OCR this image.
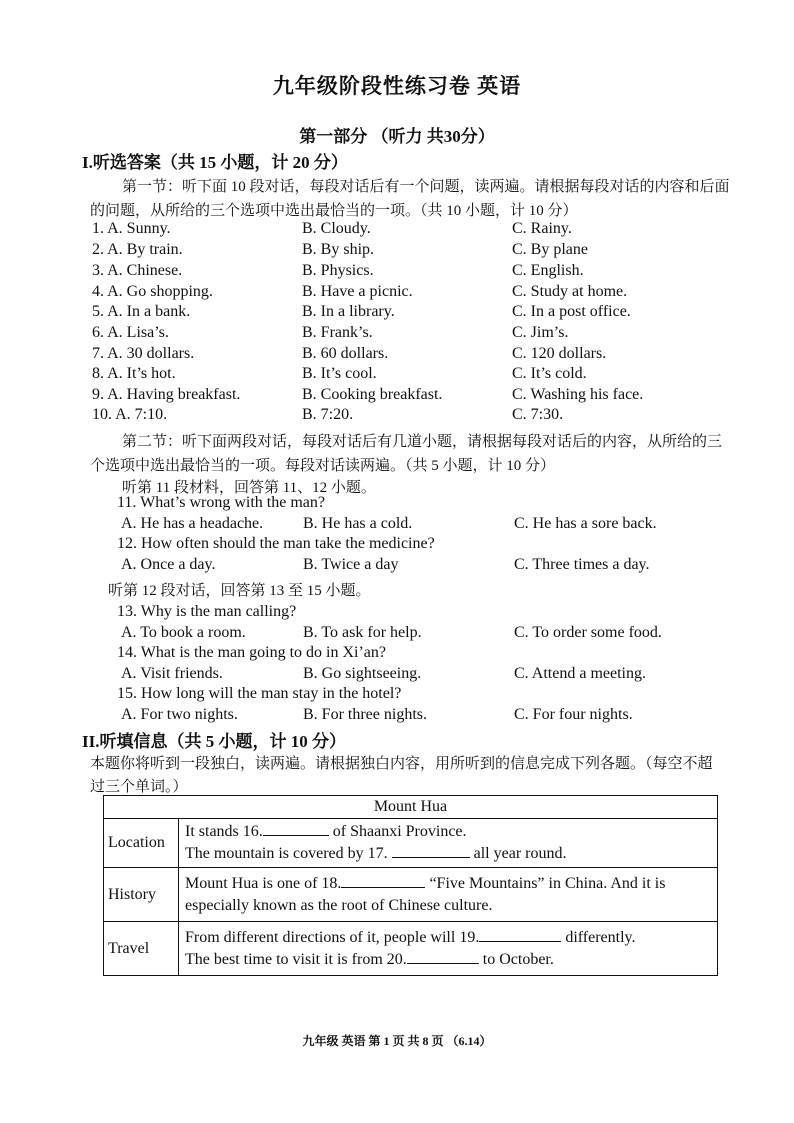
九年级阶段性练习卷 英语
第一部分 （听力 共30分）
I.听选答案（共 15 小题，计 20 分）
第一节：听下面 10 段对话，每段对话后有一个问题，读两遍。请根据每段对话的内容和后面
的问题，从所给的三个选项中选出最恰当的一项。（共 10 小题，计 10 分）
1. A. Sunny.	B. Cloudy.	C. Rainy.
2. A. By train.	B. By ship.	C. By plane
3. A. Chinese.	B. Physics.	C. English.
4. A. Go shopping.	B. Have a picnic.	C. Study at home.
5. A. In a bank.	B. In a library.	C. In a post office.
6. A. Lisa’s.	B. Frank’s.	C. Jim’s.
7. A. 30 dollars.	B. 60 dollars.	C. 120 dollars.
8. A. It’s hot.	B. It’s cool.	C. It’s cold.
9. A. Having breakfast.	B. Cooking breakfast.	C. Washing his face.
10. A. 7:10.	B. 7:20.	C. 7:30.
第二节：听下面两段对话，每段对话后有几道小题，请根据每段对话后的内容，从所给的三
个选项中选出最恰当的一项。每段对话读两遍。（共 5 小题，计 10 分）
听第 11 段材料，回答第 11、12 小题。
11. What’s wrong with the man?
A. He has a headache. B. He has a cold.	C. He has a sore back.
12. How often should the man take the medicine?
A. Once a day.	B. Twice a day	C. Three times a day.
听第 12 段对话，回答第 13 至 15 小题。
13. Why is the man calling?
A. To book a room.	B. To ask for help.	C. To order some food.
14. What is the man going to do in Xi’an?
A. Visit friends.	B. Go sightseeing.	C. Attend a meeting.
15. How long will the man stay in the hotel?
A. For two nights.	B. For three nights.	C. For four nights.
II.听填信息（共 5 小题，计 10 分）
本题你将听到一段独白，读两遍。请根据独白内容，用所听到的信息完成下列各题。（每空不超
过三个单词。）
Mount Hua	
Location	It stands 16. of Shaanxi Province.
The mountain is covered by 17. all year round.

History	Mount Hua is one of 18. “Five Mountains” in China. And it is
especially known as the root of Chinese culture.

Travel	From different directions of it, people will 19. differently.
The best time to visit it is from 20. to October.
九年级 英语 第 1 页 共 8 页 （6.14）
